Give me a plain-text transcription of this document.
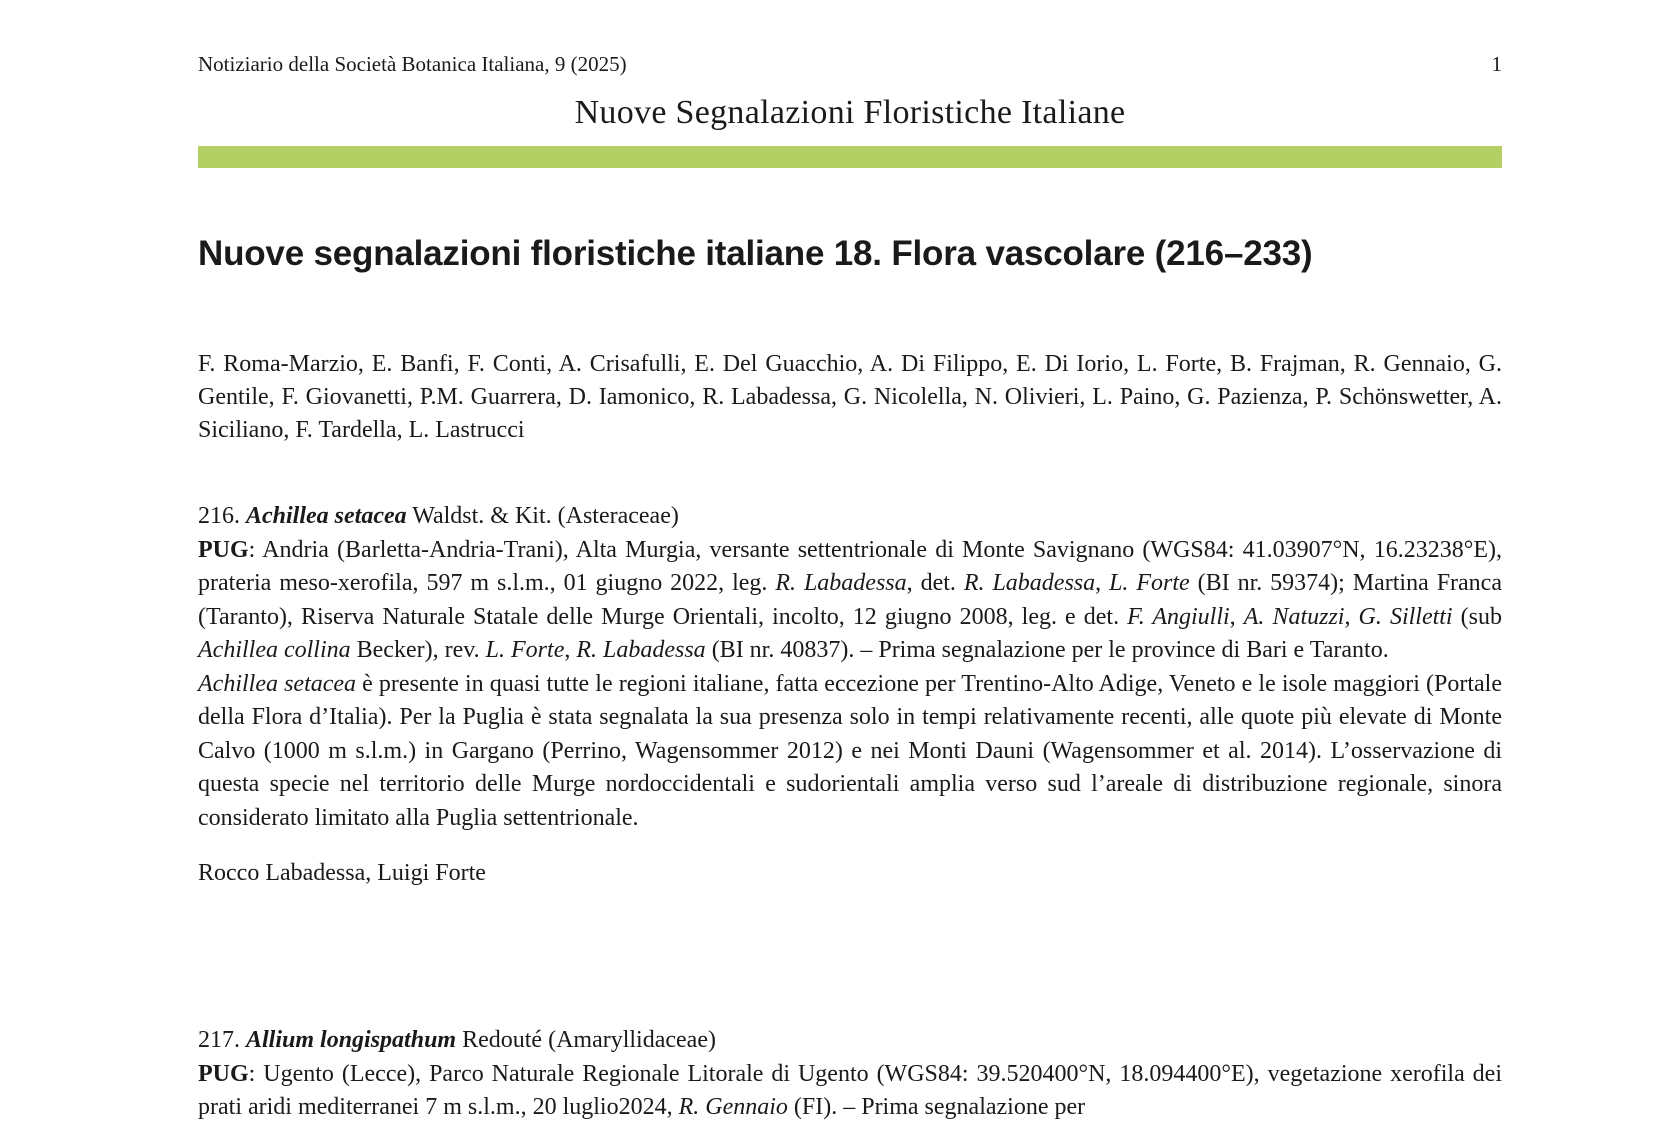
Notiziario della Società Botanica Italiana, 9 (2025)	1
Nuove Segnalazioni Floristiche Italiane
Nuove segnalazioni floristiche italiane 18. Flora vascolare (216–233)
F. Roma-Marzio, E. Banfi, F. Conti, A. Crisafulli, E. Del Guacchio, A. Di Filippo, E. Di Iorio, L. Forte, B. Frajman, R. Gennaio, G. Gentile, F. Giovanetti, P.M. Guarrera, D. Iamonico, R. Labadessa, G. Nicolella, N. Olivieri, L. Paino, G. Pazienza, P. Schönswetter, A. Siciliano, F. Tardella, L. Lastrucci

216. Achillea setacea Waldst. & Kit. (Asteraceae)

PUG: Andria (Barletta-Andria-Trani), Alta Murgia, versante settentrionale di Monte Savignano (WGS84: 41.03907°N, 16.23238°E), prateria meso-xerofila, 597 m s.l.m., 01 giugno 2022, leg. R. Labadessa, det. R. Labadessa, L. Forte (BI nr. 59374); Martina Franca (Taranto), Riserva Naturale Statale delle Murge Orientali, incolto, 12 giugno 2008, leg. e det. F. Angiulli, A. Natuzzi, G. Silletti (sub Achillea collina Becker), rev. L. Forte, R. Labadessa (BI nr. 40837). – Prima segnalazione per le province di Bari e Taranto.

Achillea setacea è presente in quasi tutte le regioni italiane, fatta eccezione per Trentino-Alto Adige, Veneto e le isole maggiori (Portale della Flora d’Italia). Per la Puglia è stata segnalata la sua presenza solo in tempi relativamente recenti, alle quote più elevate di Monte Calvo (1000 m s.l.m.) in Gargano (Perrino, Wagensommer 2012) e nei Monti Dauni (Wagensommer et al. 2014). L’osservazione di questa specie nel territorio delle Murge nordoccidentali e sudorientali amplia verso sud l’areale di distribuzione regionale, sinora considerato limitato alla Puglia settentrionale.

Rocco Labadessa, Luigi Forte

217. Allium longispathum Redouté (Amaryllidaceae)

PUG: Ugento (Lecce), Parco Naturale Regionale Litorale di Ugento (WGS84: 39.520400°N, 18.094400°E), vegetazione xerofila dei prati aridi mediterranei 7 m s.l.m., 20 luglio2024, R. Gennaio (FI). – Prima segnalazione per
